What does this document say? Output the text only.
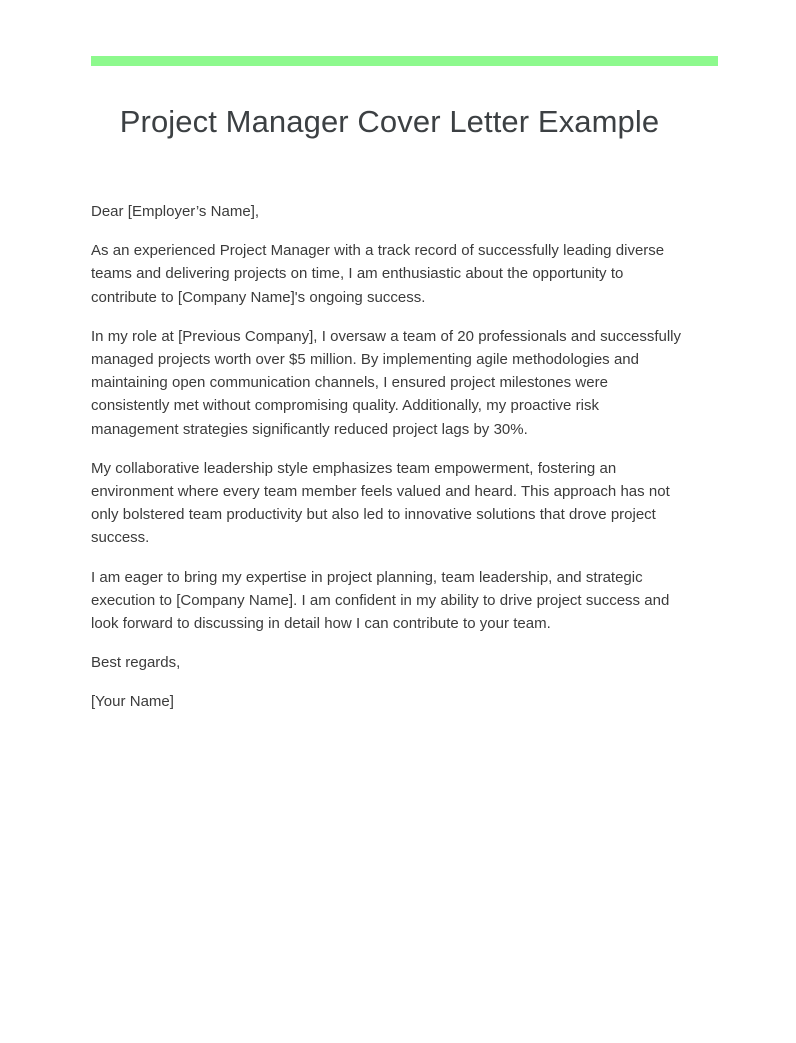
Project Manager Cover Letter Example

Dear [Employer’s Name],

As an experienced Project Manager with a track record of successfully leading diverse teams and delivering projects on time, I am enthusiastic about the opportunity to contribute to [Company Name]'s ongoing success.

In my role at [Previous Company], I oversaw a team of 20 professionals and successfully managed projects worth over $5 million. By implementing agile methodologies and maintaining open communication channels, I ensured project milestones were consistently met without compromising quality. Additionally, my proactive risk management strategies significantly reduced project lags by 30%.

My collaborative leadership style emphasizes team empowerment, fostering an environment where every team member feels valued and heard. This approach has not only bolstered team productivity but also led to innovative solutions that drove project success.

I am eager to bring my expertise in project planning, team leadership, and strategic execution to [Company Name]. I am confident in my ability to drive project success and look forward to discussing in detail how I can contribute to your team.

Best regards,

[Your Name]
